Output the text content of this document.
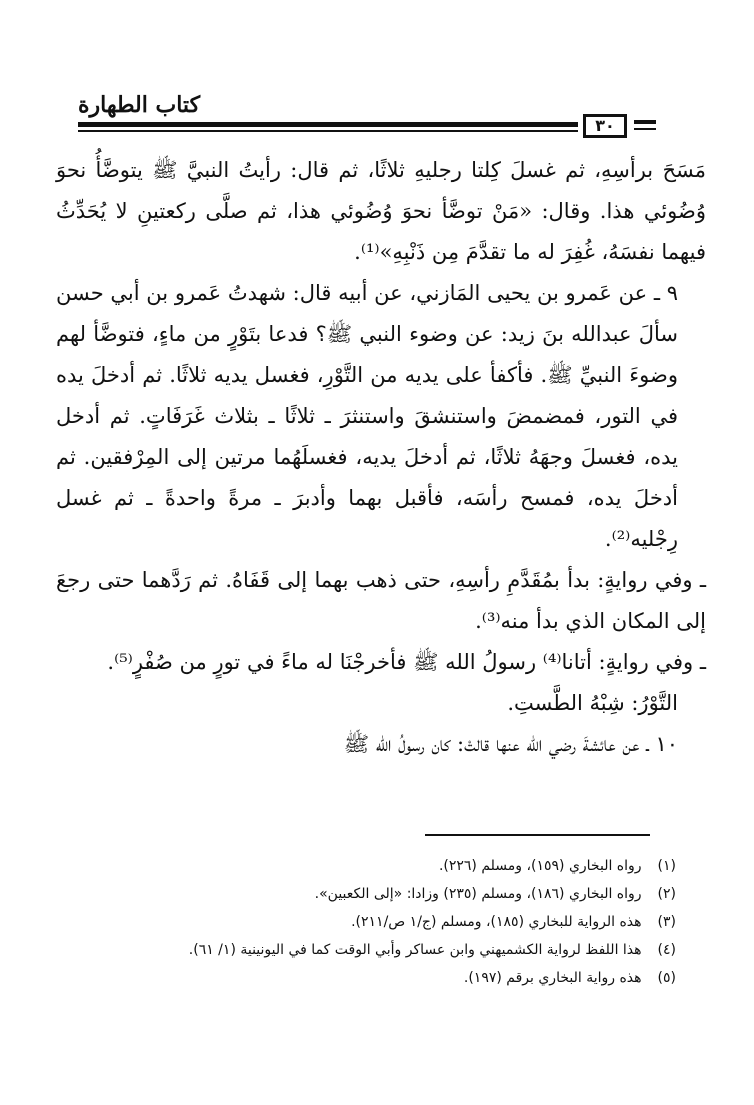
كتاب الطهارة
٣٠

مَسَحَ برأسِهِ، ثم غسلَ كِلتا رجليهِ ثلاثًا، ثم قال: رأيتُ النبيَّ ﷺ يتوضَّأُ نحوَ وُضُوئي هذا. وقال: «مَنْ توضَّأ نحوَ وُضُوئي هذا، ثم صلَّى ركعتينِ لا يُحَدِّثُ فيهما نفسَهُ، غُفِرَ له ما تقدَّمَ مِن ذَنْبِهِ»⁽¹⁾.

٩ ـ عن عَمرو بن يحيى المَازني، عن أبيه قال: شهدتُ عَمرو بن أبي حسن سألَ عبدالله بنَ زيد: عن وضوء النبي ﷺ؟ فدعا بتَوْرٍ من ماءٍ، فتوضَّأ لهم وضوءَ النبيِّ ﷺ. فأكفأ على يديه من التَّوْرِ، فغسل يديه ثلاثًا. ثم أدخلَ يده في التور، فمضمضَ واستنشقَ واستنثرَ ـ ثلاثًا ـ بثلاث غَرَفَاتٍ. ثم أدخل يده، فغسلَ وجهَهُ ثلاثًا، ثم أدخلَ يديه، فغسلَهُما مرتين إلى المِرْفقين. ثم أدخلَ يده، فمسح رأسَه، فأقبل بهما وأدبرَ ـ مرةً واحدةً ـ ثم غسل رِجْليه⁽²⁾.

ـ وفي روايةٍ: بدأ بمُقَدَّمِ رأسِهِ، حتى ذهب بهما إلى قَفَاهُ. ثم رَدَّهما حتى رجعَ إلى المكان الذي بدأ منه⁽³⁾.

ـ وفي روايةٍ: أتانا⁽⁴⁾ رسولُ الله ﷺ فأخرجْنَا له ماءً في تورٍ من صُفْرٍ⁽⁵⁾.

التَّوْرُ: شِبْهُ الطَّستِ.

١٠ ـ عن عائشةَ رضي الله عنها قالتْ: كان رسولُ الله ﷺ

(١) رواه البخاري (١٥٩)، ومسلم (٢٢٦).

(٢) رواه البخاري (١٨٦)، ومسلم (٢٣٥) وزادا: «إلى الكعبين».

(٣) هذه الرواية للبخاري (١٨٥)، ومسلم (ج/١ ص/٢١١).

(٤) هذا اللفظ لرواية الكشميهني وابن عساكر وأبي الوقت كما في اليونينية (١/ ٦١).

(٥) هذه رواية البخاري برقم (١٩٧).
